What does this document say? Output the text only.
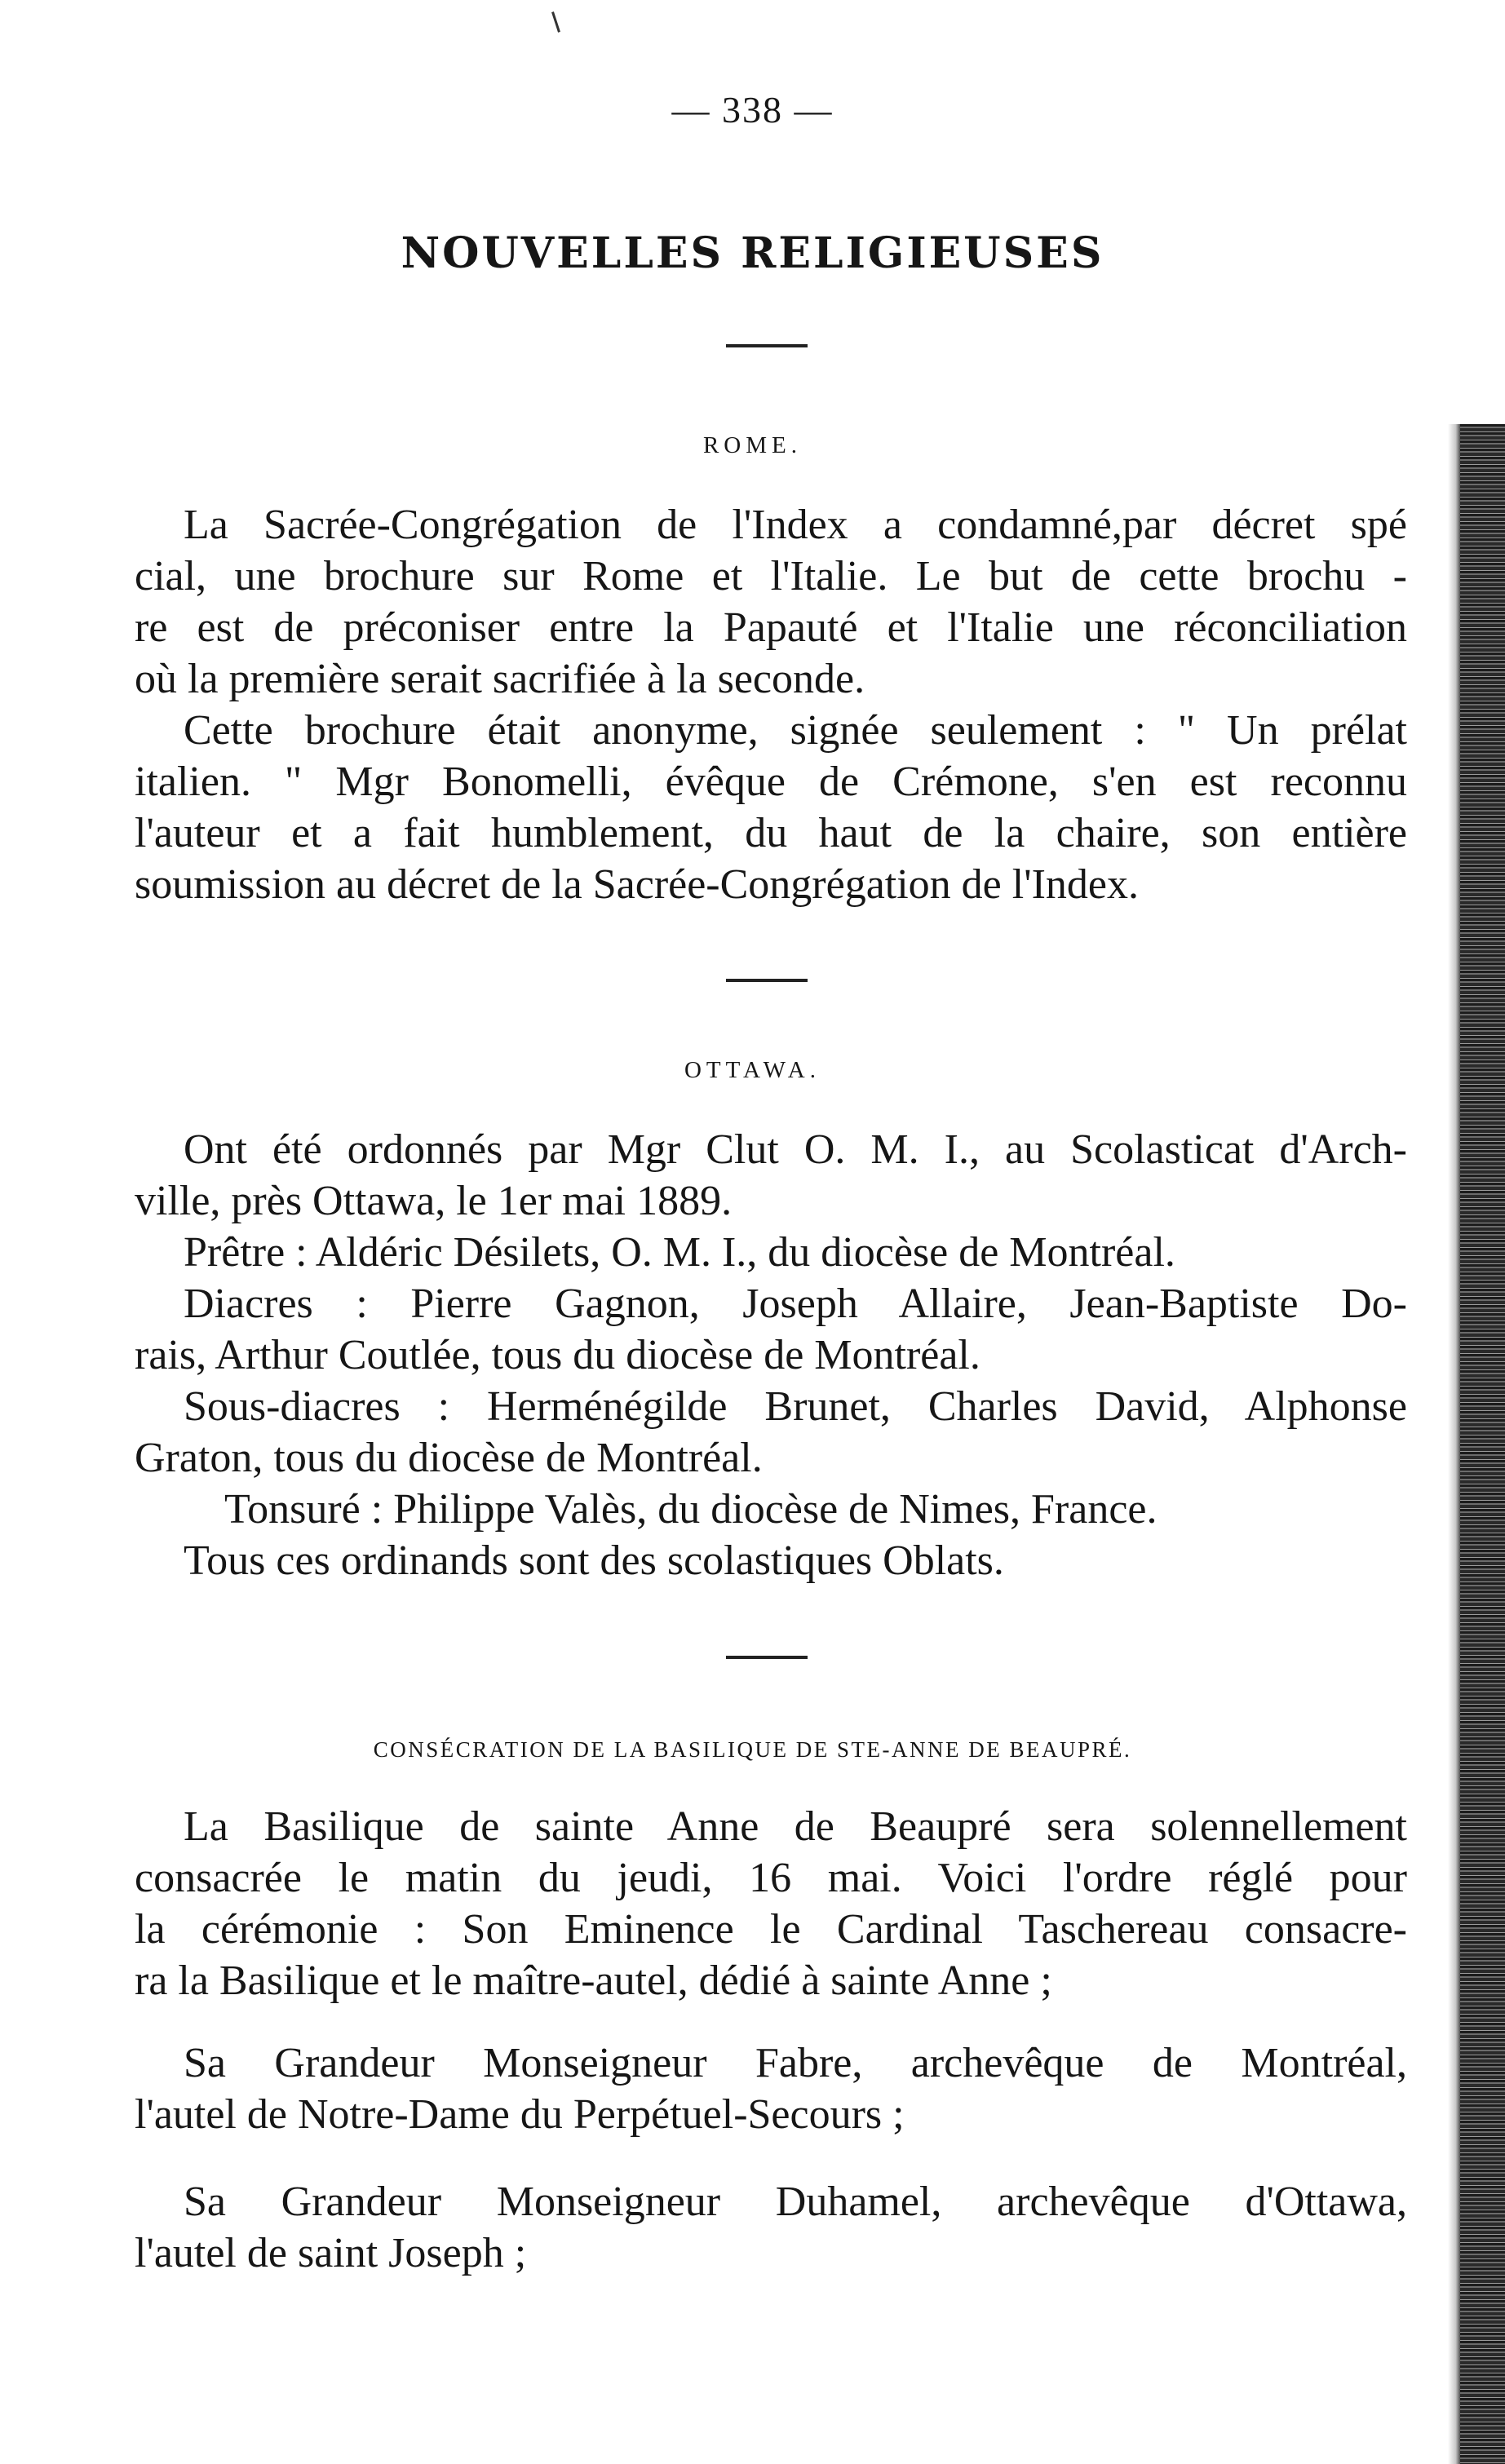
— 338 —
NOUVELLES RELIGIEUSES
ROME.
La Sacrée-Congrégation de l'Index a condamné,par décret spé
cial, une brochure sur Rome et l'Italie. Le but de cette brochu -
re est de préconiser entre la Papauté et l'Italie une réconciliation
où la première serait sacrifiée à la seconde.
Cette brochure était anonyme, signée seulement : " Un prélat
italien. " Mgr Bonomelli, évêque de Crémone, s'en est reconnu
l'auteur et a fait humblement, du haut de la chaire, son entière
soumission au décret de la Sacrée-Congrégation de l'Index.
OTTAWA.
Ont été ordonnés par Mgr Clut O. M. I., au Scolasticat d'Arch-
ville, près Ottawa, le 1er mai 1889.
Prêtre : Aldéric Désilets, O. M. I., du diocèse de Montréal.
Diacres : Pierre Gagnon, Joseph Allaire, Jean-Baptiste Do-
rais, Arthur Coutlée, tous du diocèse de Montréal.
Sous-diacres : Herménégilde Brunet, Charles David, Alphonse
Graton, tous du diocèse de Montréal.
Tonsuré : Philippe Valès, du diocèse de Nimes, France.
Tous ces ordinands sont des scolastiques Oblats.
CONSÉCRATION DE LA BASILIQUE DE STE-ANNE DE BEAUPRÉ.
La Basilique de sainte Anne de Beaupré sera solennellement
consacrée le matin du jeudi, 16 mai. Voici l'ordre réglé pour
la cérémonie : Son Eminence le Cardinal Taschereau consacre-
ra la Basilique et le maître-autel, dédié à sainte Anne ;
Sa Grandeur Monseigneur Fabre, archevêque de Montréal,
l'autel de Notre-Dame du Perpétuel-Secours ;
Sa Grandeur Monseigneur Duhamel, archevêque d'Ottawa,
l'autel de saint Joseph ;
